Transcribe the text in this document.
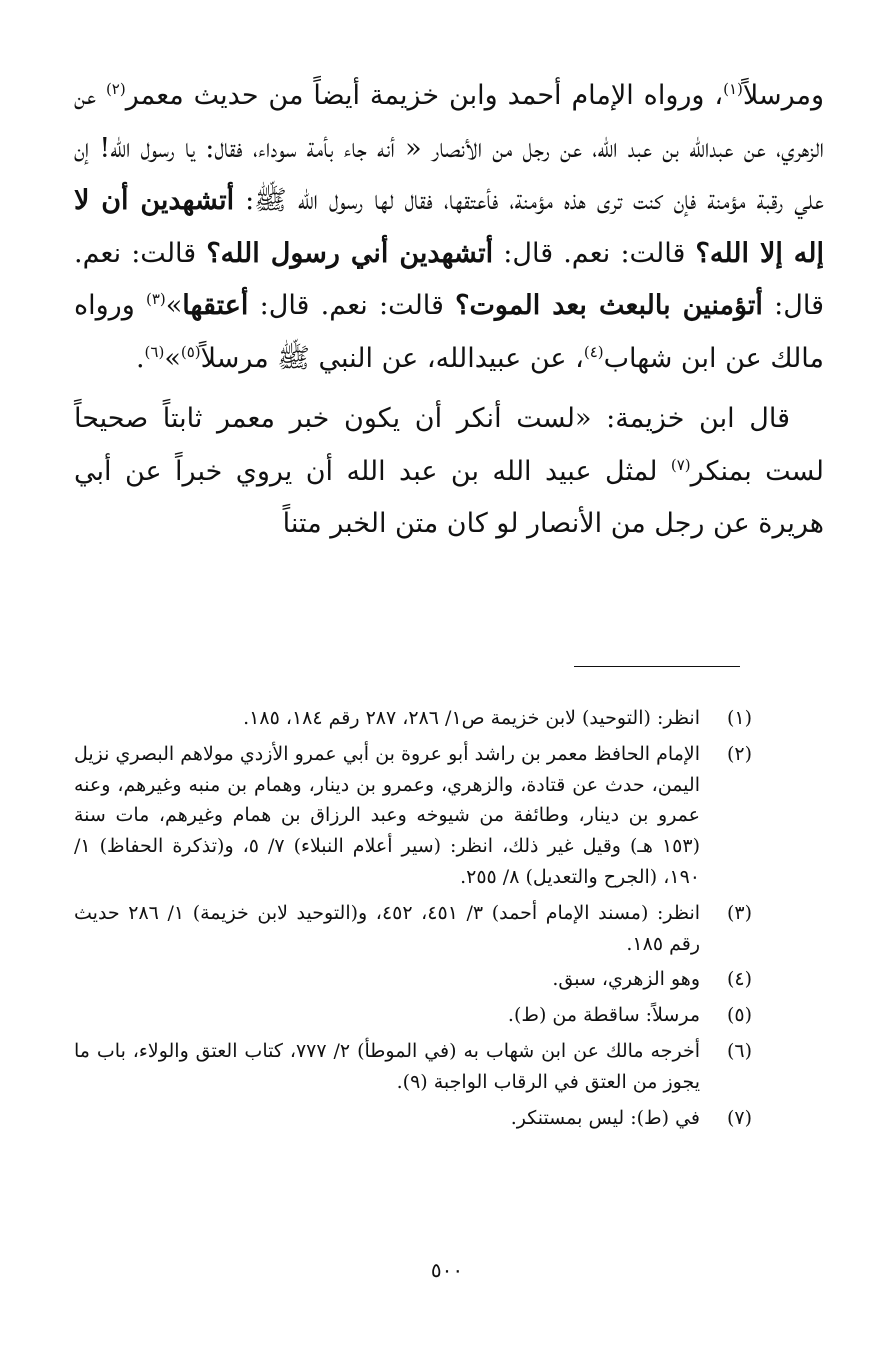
ومرسلاً$^{(١)}$، ورواه الإمام أحمد وابن خزيمة أيضاً من حديث معمر$^{(٢)}$ عن الزهري، عن عبدالله بن عبد الله، عن رجل من الأنصار « أنه جاء بأمة سوداء، فقال: يا رسول الله! إن علي رقبة مؤمنة فإن كنت ترى هذه مؤمنة، فأعتقها، فقال لها رسول الله ﷺ: أتشهدين أن لا إله إلا الله؟ قالت: نعم. قال: أتشهدين أني رسول الله؟ قالت: نعم. قال: أتؤمنين بالبعث بعد الموت؟ قالت: نعم. قال: أعتقها»$^{(٣)}$ ورواه مالك عن ابن شهاب$^{(٤)}$، عن عبيدالله، عن النبي ﷺ مرسلاً$^{(٥)}$»$^{(٦)}$.

قال ابن خزيمة: «لست أنكر أن يكون خبر معمر ثابتاً صحيحاً لست بمنكر$^{(٧)}$ لمثل عبيد الله بن عبد الله أن يروي خبراً عن أبي هريرة عن رجل من الأنصار لو كان متن الخبر متناً

(١)
انظر: (التوحيد) لابن خزيمة ص١/ ٢٨٦، ٢٨٧ رقم ١٨٤، ١٨٥.
(٢)
الإمام الحافظ معمر بن راشد أبو عروة بن أبي عمرو الأزدي مولاهم البصري نزيل اليمن، حدث عن قتادة، والزهري، وعمرو بن دينار، وهمام بن منبه وغيرهم، وعنه عمرو بن دينار، وطائفة من شيوخه وعبد الرزاق بن همام وغيرهم، مات سنة (١٥٣ هـ) وقيل غير ذلك، انظر: (سير أعلام النبلاء) ٧/ ٥، و(تذكرة الحفاظ) ١/ ١٩٠، (الجرح والتعديل) ٨/ ٢٥٥.
(٣)
انظر: (مسند الإمام أحمد) ٣/ ٤٥١، ٤٥٢، و(التوحيد لابن خزيمة) ١/ ٢٨٦ حديث رقم ١٨٥.
(٤)
وهو الزهري، سبق.
(٥)
مرسلاً: ساقطة من (ط).
(٦)
أخرجه مالك عن ابن شهاب به (في الموطأ) ٢/ ٧٧٧، كتاب العتق والولاء، باب ما يجوز من العتق في الرقاب الواجبة (٩).
(٧)
في (ط): ليس بمستنكر.
٥٠٠
